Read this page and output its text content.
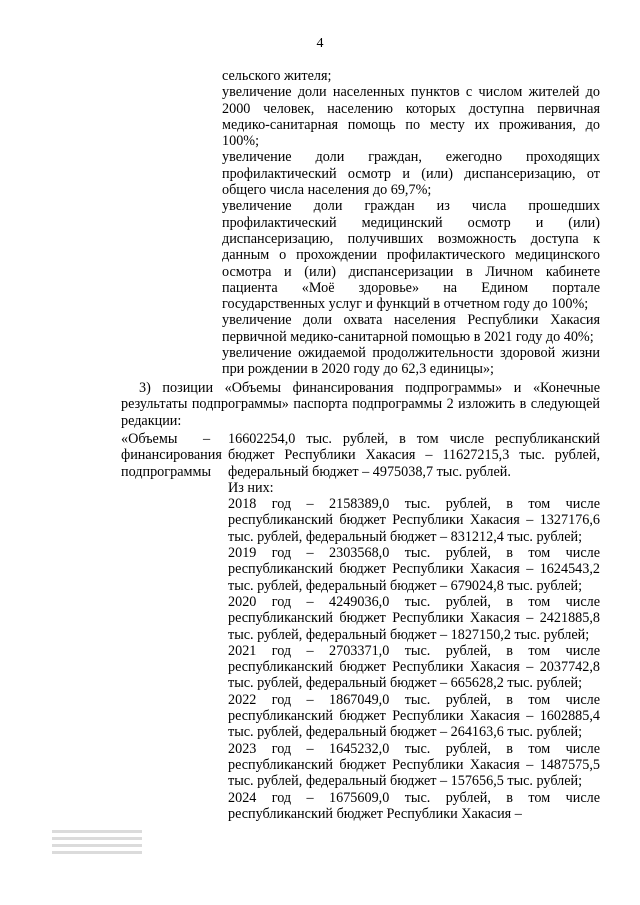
4

сельского жителя;

увеличение доли населенных пунктов с числом жителей до 2000 человек, населению которых доступна первичная медико-санитарная помощь по месту их проживания, до 100%;

увеличение доли граждан, ежегодно проходящих профилактический осмотр и (или) диспансеризацию, от общего числа населения до 69,7%;

увеличение доли граждан из числа прошедших профилактический медицинский осмотр и (или) диспансеризацию, получивших возможность доступа к данным о прохождении профилактического медицинского осмотра и (или) диспансеризации в Личном кабинете пациента «Моё здоровье» на Едином портале государственных услуг и функций в отчетном году до 100%;

увеличение доли охвата населения Республики Хакасия первичной медико-санитарной помощью в 2021 году до 40%;

увеличение ожидаемой продолжительности здоровой жизни при рождении в 2020 году до 62,3 единицы»;

3) позиции «Объемы финансирования подпрограммы» и «Конечные результаты подпрограммы» паспорта подпрограммы 2 изложить в следующей редакции:

«Объемы
финансирования
подпрограммы
– 16602254,0 тыс. рублей, в том числе республиканский бюджет Республики Хакасия – 11627215,3 тыс. рублей, федеральный бюджет – 4975038,7 тыс. рублей.

Из них:

2018 год – 2158389,0 тыс. рублей, в том числе республиканский бюджет Республики Хакасия – 1327176,6 тыс. рублей, федеральный бюджет – 831212,4 тыс. рублей;

2019 год – 2303568,0 тыс. рублей, в том числе республиканский бюджет Республики Хакасия – 1624543,2 тыс. рублей, федеральный бюджет – 679024,8 тыс. рублей;

2020 год – 4249036,0 тыс. рублей, в том числе республиканский бюджет Республики Хакасия – 2421885,8 тыс. рублей, федеральный бюджет – 1827150,2 тыс. рублей;

2021 год – 2703371,0 тыс. рублей, в том числе республиканский бюджет Республики Хакасия – 2037742,8 тыс. рублей, федеральный бюджет – 665628,2 тыс. рублей;

2022 год – 1867049,0 тыс. рублей, в том числе республиканский бюджет Республики Хакасия – 1602885,4 тыс. рублей, федеральный бюджет – 264163,6 тыс. рублей;

2023 год – 1645232,0 тыс. рублей, в том числе республиканский бюджет Республики Хакасия – 1487575,5 тыс. рублей, федеральный бюджет – 157656,5 тыс. рублей;

2024 год – 1675609,0 тыс. рублей, в том числе республиканский бюджет Республики Хакасия –
